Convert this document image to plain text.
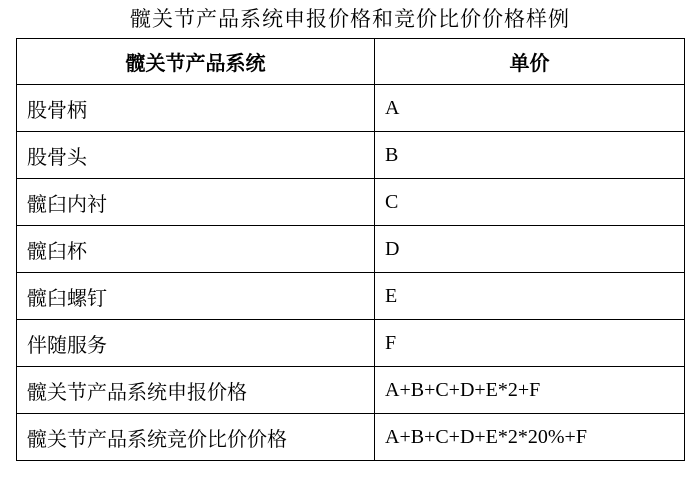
髋关节产品系统申报价格和竞价比价价格样例
髋关节产品系统	单价
股骨柄	A
股骨头	B
髋臼内衬	C
髋臼杯	D
髋臼螺钉	E
伴随服务	F
髋关节产品系统申报价格	A+B+C+D+E*2+F
髋关节产品系统竞价比价价格	A+B+C+D+E*2*20%+F
